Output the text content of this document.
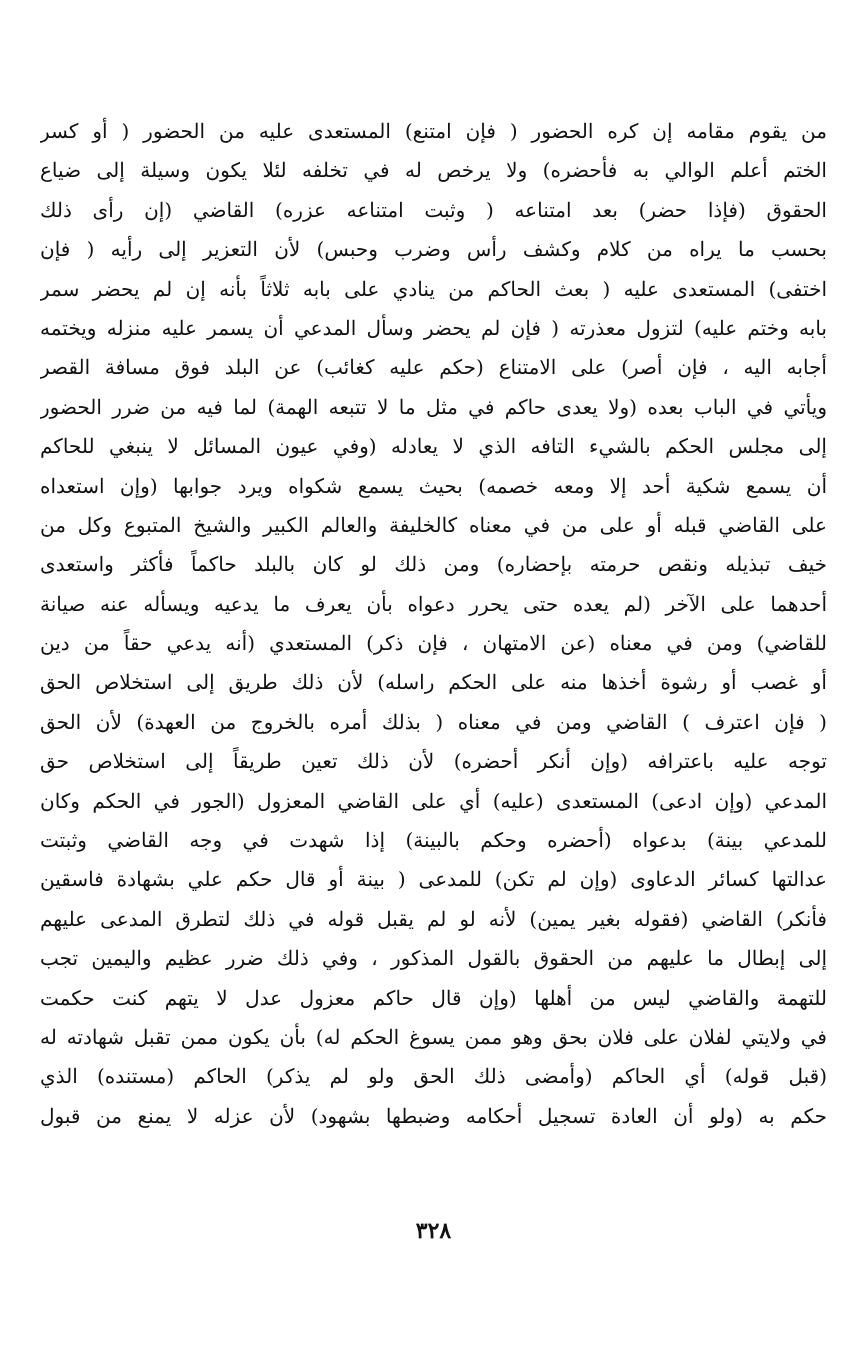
من يقوم مقامه إن كره الحضور ( فإن امتنع) المستعدى عليه من الحضور ( أو كسر
الختم أعلم الوالي به فأحضره) ولا يرخص له في تخلفه لئلا يكون وسيلة إلى ضياع
الحقوق (فإذا حضر) بعد امتناعه ( وثبت امتناعه عزره) القاضي (إن رأى ذلك
بحسب ما يراه من كلام وكشف رأس وضرب وحبس) لأن التعزير إلى رأيه ( فإن
اختفى) المستعدى عليه ( بعث الحاكم من ينادي على بابه ثلاثاً بأنه إن لم يحضر سمر
بابه وختم عليه) لتزول معذرته ( فإن لم يحضر وسأل المدعي أن يسمر عليه منزله ويختمه
أجابه اليه ، فإن أصر) على الامتناع (حكم عليه كغائب) عن البلد فوق مسافة القصر
ويأتي في الباب بعده (ولا يعدى حاكم في مثل ما لا تتبعه الهمة) لما فيه من ضرر الحضور
إلى مجلس الحكم بالشيء التافه الذي لا يعادله (وفي عيون المسائل لا ينبغي للحاكم
أن يسمع شكية أحد إلا ومعه خصمه) بحيث يسمع شكواه ويرد جوابها (وإن استعداه
على القاضي قبله أو على من في معناه كالخليفة والعالم الكبير والشيخ المتبوع وكل من
خيف تبذيله ونقص حرمته بإحضاره) ومن ذلك لو كان بالبلد حاكماً فأكثر واستعدى
أحدهما على الآخر (لم يعده حتى يحرر دعواه بأن يعرف ما يدعيه ويسأله عنه صيانة
للقاضي) ومن في معناه (عن الامتهان ، فإن ذكر) المستعدي (أنه يدعي حقاً من دين
أو غصب أو رشوة أخذها منه على الحكم راسله) لأن ذلك طريق إلى استخلاص الحق
( فإن اعترف ) القاضي ومن في معناه ( بذلك أمره بالخروج من العهدة) لأن الحق
توجه عليه باعترافه (وإن أنكر أحضره) لأن ذلك تعين طريقاً إلى استخلاص حق
المدعي (وإن ادعى) المستعدى (عليه) أي على القاضي المعزول (الجور في الحكم وكان
للمدعي بينة) بدعواه (أحضره وحكم بالبينة) إذا شهدت في وجه القاضي وثبتت
عدالتها كسائر الدعاوى (وإن لم تكن) للمدعى ( بينة أو قال حكم علي بشهادة فاسقين
فأنكر) القاضي (فقوله بغير يمين) لأنه لو لم يقبل قوله في ذلك لتطرق المدعى عليهم
إلى إبطال ما عليهم من الحقوق بالقول المذكور ، وفي ذلك ضرر عظيم واليمين تجب
للتهمة والقاضي ليس من أهلها (وإن قال حاكم معزول عدل لا يتهم كنت حكمت
في ولايتي لفلان على فلان بحق وهو ممن يسوغ الحكم له) بأن يكون ممن تقبل شهادته له
(قبل قوله) أي الحاكم (وأمضى ذلك الحق ولو لم يذكر) الحاكم (مستنده) الذي
حكم به (ولو أن العادة تسجيل أحكامه وضبطها بشهود) لأن عزله لا يمنع من قبول
٣٢٨
